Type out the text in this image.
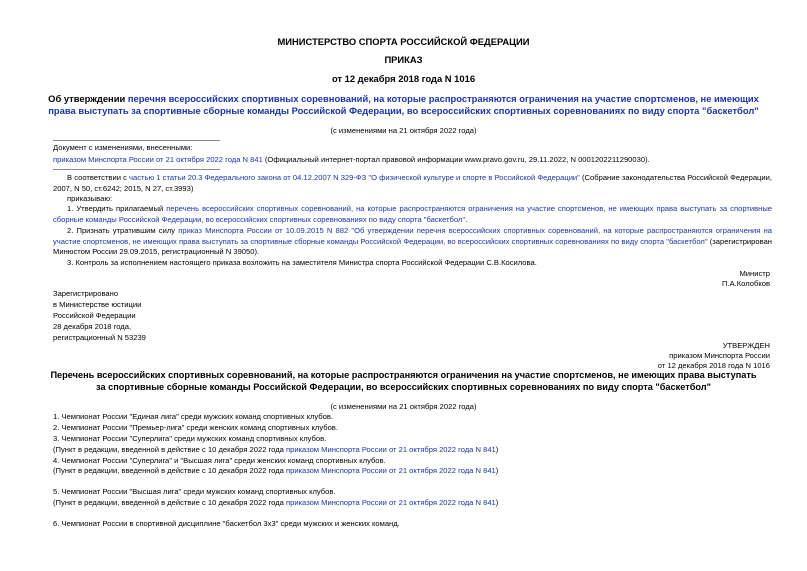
МИНИСТЕРСТВО СПОРТА РОССИЙСКОЙ ФЕДЕРАЦИИ
ПРИКАЗ
от 12 декабря 2018 года N 1016
Об утверждении перечня всероссийских спортивных соревнований, на которые распространяются ограничения на участие спортсменов, не имеющих права выступать за спортивные сборные команды Российской Федерации, во всероссийских спортивных соревнованиях по виду спорта "баскетбол"
(с изменениями на 21 октября 2022 года)
Документ с изменениями, внесенными:
приказом Минспорта России от 21 октября 2022 года N 841 (Официальный интернет-портал правовой информации www.pravo.gov.ru, 29.11.2022, N 0001202211290030).
В соответствии с частью 1 статьи 20.3 Федерального закона от 04.12.2007 N 329-ФЗ "О физической культуре и спорте в Российской Федерации" (Собрание законодательства Российской Федерации, 2007, N 50, ст.6242; 2015, N 27, ст.3993)
приказываю:
1. Утвердить прилагаемый перечень всероссийских спортивных соревнований, на которые распространяются ограничения на участие спортсменов, не имеющих права выступать за спортивные сборные команды Российской Федерации, во всероссийских спортивных соревнованиях по виду спорта "баскетбол".
2. Признать утратившим силу приказ Минспорта России от 10.09.2015 N 882 "Об утверждении перечня всероссийских спортивных соревнований, на которые распространяются ограничения на участие спортсменов, не имеющих права выступать за спортивные сборные команды Российской Федерации, во всероссийских спортивных соревнованиях по виду спорта "баскетбол" (зарегистрирован Минюстом России 29.09.2015, регистрационный N 39050).
3. Контроль за исполнением настоящего приказа возложить на заместителя Министра спорта Российской Федерации С.В.Косилова.
Министр
П.А.Колобков
Зарегистрировано
в Министерстве юстиции
Российской Федерации
28 декабря 2018 года,
регистрационный N 53239
УТВЕРЖДЕН
приказом Минспорта России
от 12 декабря 2018 года N 1016
Перечень всероссийских спортивных соревнований, на которые распространяются ограничения на участие спортсменов, не имеющих права выступать за спортивные сборные команды Российской Федерации, во всероссийских спортивных соревнованиях по виду спорта "баскетбол"
(с изменениями на 21 октября 2022 года)
1. Чемпионат России "Единая лига" среди мужских команд спортивных клубов.
2. Чемпионат России "Премьер-лига" среди женских команд спортивных клубов.
3. Чемпионат России "Суперлига" среди мужских команд спортивных клубов.
(Пункт в редакции, введенной в действие с 10 декабря 2022 года приказом Минспорта России от 21 октября 2022 года N 841)
4. Чемпионат России "Суперлига" и "Высшая лига" среди женских команд спортивных клубов.
(Пункт в редакции, введенной в действие с 10 декабря 2022 года приказом Минспорта России от 21 октября 2022 года N 841)
5. Чемпионат России "Высшая лига" среди мужских команд спортивных клубов.
(Пункт в редакции, введенной в действие с 10 декабря 2022 года приказом Минспорта России от 21 октября 2022 года N 841)
6. Чемпионат России в спортивной дисциплине "баскетбол 3х3" среди мужских и женских команд.
